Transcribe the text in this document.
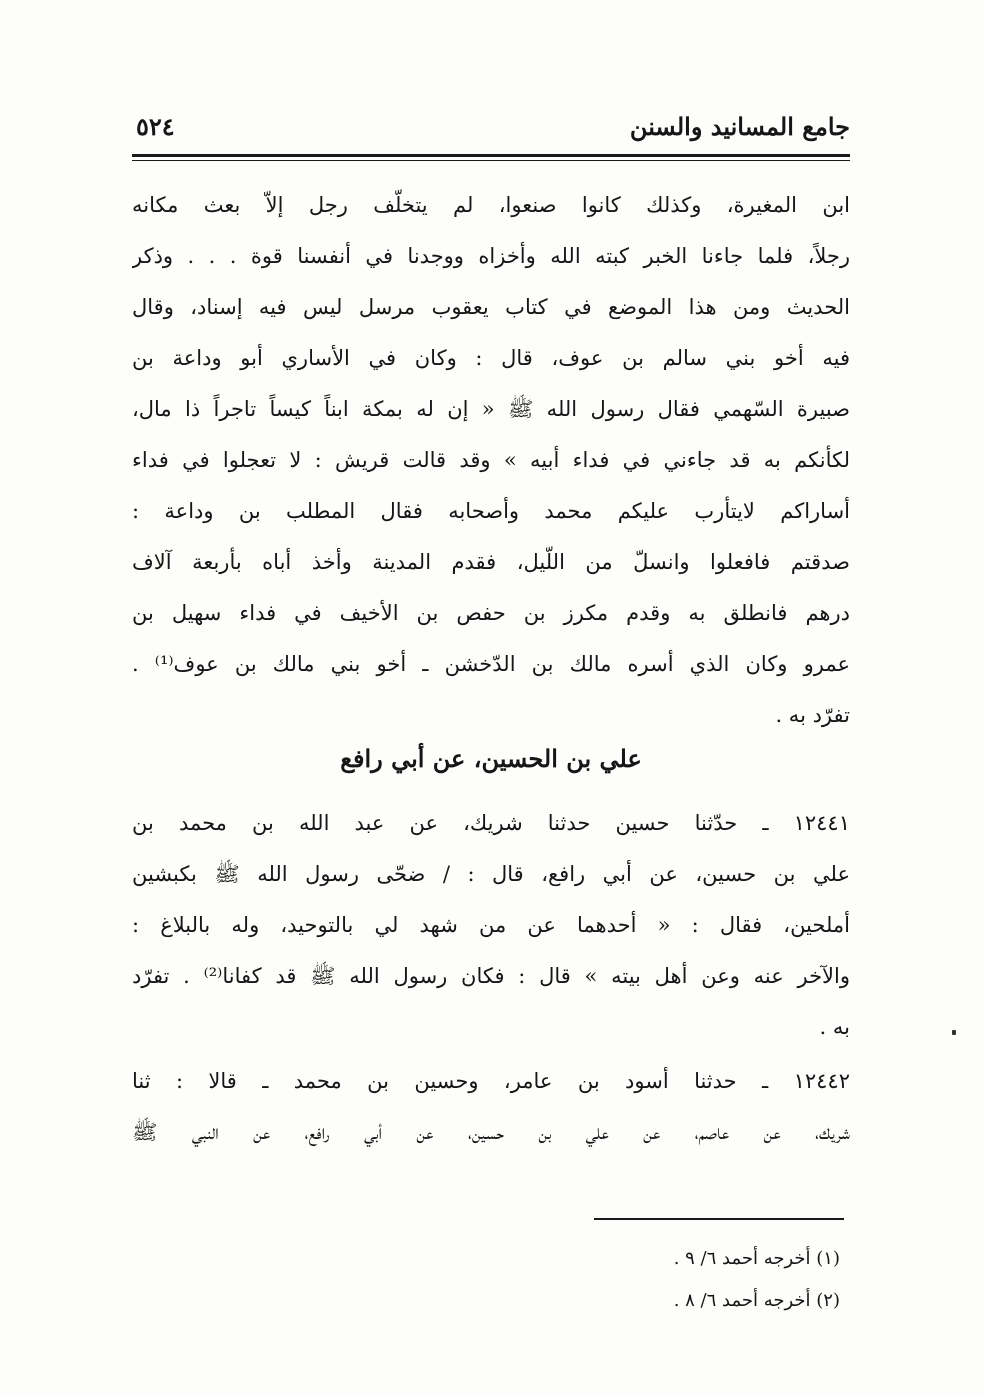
جامع المسانيد والسنن
٥٢٤
ابن المغيرة، وكذلك كانوا صنعوا، لم يتخلّف رجل إلاّ بعث مكانه
رجلاً، فلما جاءنا الخبر كبته الله وأخزاه ووجدنا في أنفسنا قوة . . . وذكر
الحديث ومن هذا الموضع في كتاب يعقوب مرسل ليس فيه إسناد، وقال
فيه أخو بني سالم بن عوف، قال : وكان في الأساري أبو وداعة بن
صبيرة السّهمي فقال رسول الله ﷺ « إن له بمكة ابناً كيساً تاجراً ذا مال،
لكأنكم به قد جاءني في فداء أبيه » وقد قالت قريش : لا تعجلوا في فداء
أساراكم لايتأرب عليكم محمد وأصحابه فقال المطلب بن وداعة :
صدقتم فافعلوا وانسلّ من اللّيل، فقدم المدينة وأخذ أباه بأربعة آلاف
درهم فانطلق به وقدم مكرز بن حفص بن الأخيف في فداء سهيل بن
عمرو وكان الذي أسره مالك بن الدّخشن ـ أخو بني مالك بن عوف⁽¹⁾ .
تفرّد به .
علي بن الحسين، عن أبي رافع
١٢٤٤١ ـ حدّثنا حسين حدثنا شريك، عن عبد الله بن محمد بن
علي بن حسين، عن أبي رافع، قال : / ضحّى رسول الله ﷺ بكبشين
أملحين، فقال : « أحدهما عن من شهد لي بالتوحيد، وله بالبلاغ :
والآخر عنه وعن أهل بيته » قال : فكان رسول الله ﷺ قد كفانا⁽²⁾ . تفرّد
به .
١٢٤٤٢ ـ حدثنا أسود بن عامر، وحسين بن محمد ـ قالا : ثنا
شريك، عن عاصم، عن علي بن حسين، عن أبي رافع، عن النبي ﷺ
(١) أخرجه أحمد ٦/ ٩ .
(٢) أخرجه أحمد ٦/ ٨ .
